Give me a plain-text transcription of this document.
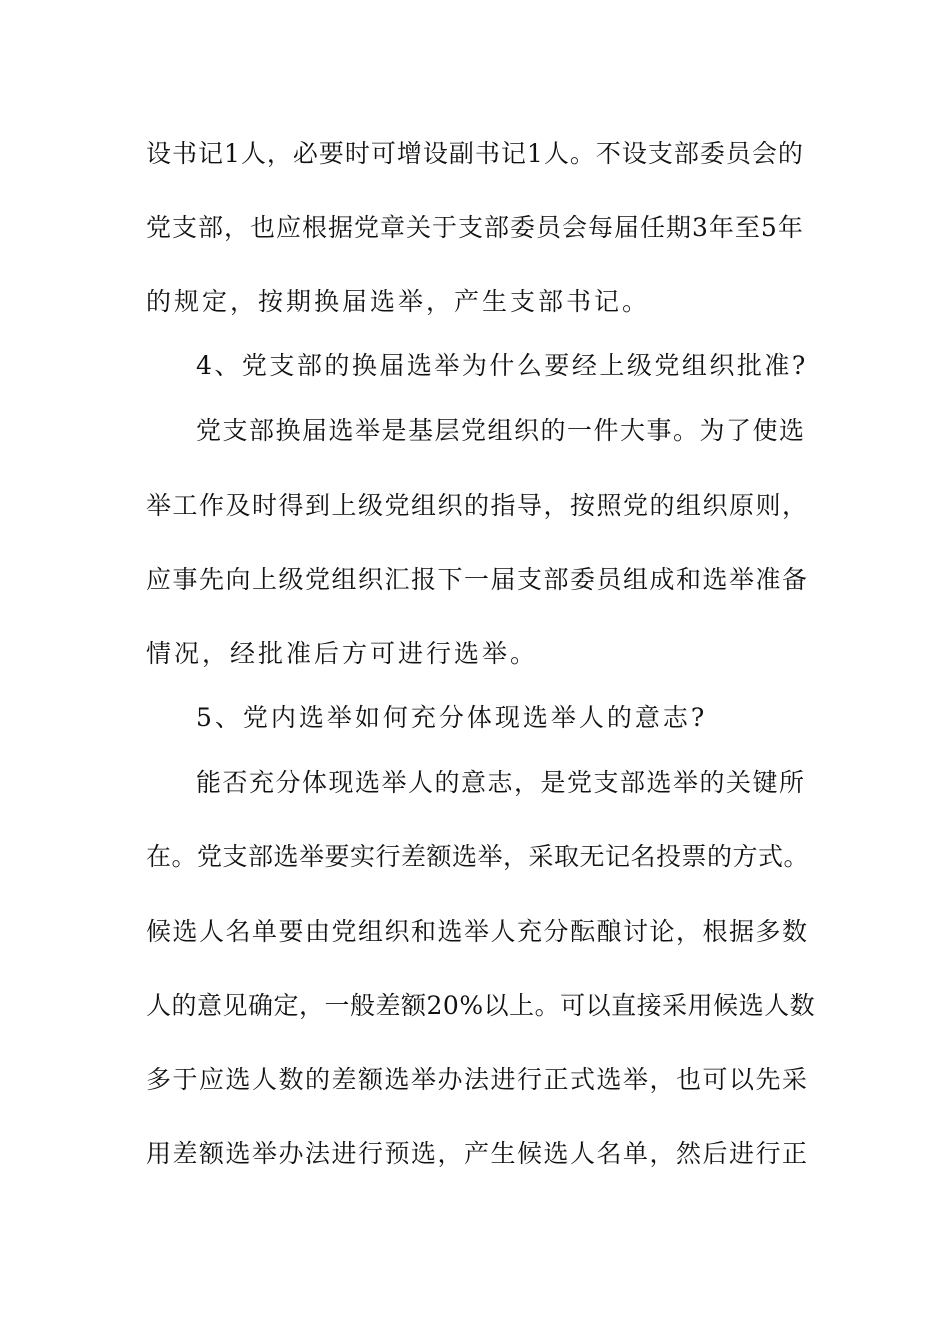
设书记1人，必要时可增设副书记1人。不设支部委员会的
党支部，也应根据党章关于支部委员会每届任期3年至5年
的规定，按期换届选举，产生支部书记。
4、党支部的换届选举为什么要经上级党组织批准?
党支部换届选举是基层党组织的一件大事。为了使选
举工作及时得到上级党组织的指导，按照党的组织原则，
应事先向上级党组织汇报下一届支部委员组成和选举准备
情况，经批准后方可进行选举。
5、党内选举如何充分体现选举人的意志?
能否充分体现选举人的意志，是党支部选举的关键所
在。党支部选举要实行差额选举，采取无记名投票的方式。
候选人名单要由党组织和选举人充分酝酿讨论，根据多数
人的意见确定，一般差额20%以上。可以直接采用候选人数
多于应选人数的差额选举办法进行正式选举，也可以先采
用差额选举办法进行预选，产生候选人名单，然后进行正
